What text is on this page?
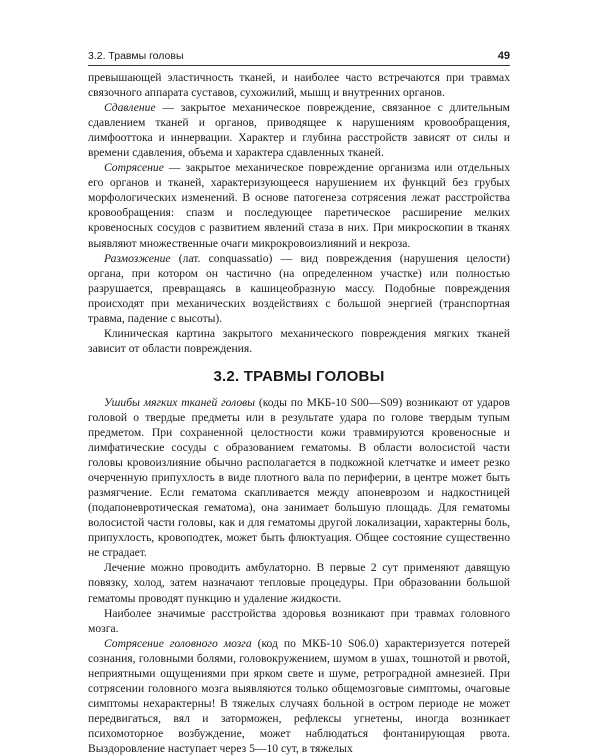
3.2. Травмы головы	49

превышающей эластичность тканей, и наиболее часто встречаются при травмах связочного аппарата суставов, сухожилий, мышц и внутренних органов.

Сдавление — закрытое механическое повреждение, связанное с длительным сдавлением тканей и органов, приводящее к нарушениям кровообращения, лимфооттока и иннервации. Характер и глубина расстройств зависят от силы и времени сдавления, объема и характера сдавленных тканей.

Сотрясение — закрытое механическое повреждение организма или отдельных его органов и тканей, характеризующееся нарушением их функций без грубых морфологических изменений. В основе патогенеза сотрясения лежат расстройства кровообращения: спазм и последующее паретическое расширение мелких кровеносных сосудов с развитием явлений стаза в них. При микроскопии в тканях выявляют множественные очаги микрокровоизлияний и некроза.

Размозжение (лат. conquassatio) — вид повреждения (нарушения целости) органа, при котором он частично (на определенном участке) или полностью разрушается, превращаясь в кашицеобразную массу. Подобные повреждения происходят при механических воздействиях с большой энергией (транспортная травма, падение с высоты).

Клиническая картина закрытого механического повреждения мягких тканей зависит от области повреждения.

3.2. ТРАВМЫ ГОЛОВЫ

Ушибы мягких тканей головы (коды по МКБ-10 S00—S09) возникают от ударов головой о твердые предметы или в результате удара по голове твердым тупым предметом. При сохраненной целостности кожи травмируются кровеносные и лимфатические сосуды с образованием гематомы. В области волосистой части головы кровоизлияние обычно располагается в подкожной клетчатке и имеет резко очерченную припухлость в виде плотного вала по периферии, в центре может быть размягчение. Если гематома скапливается между апоневрозом и надкостницей (подапоневротическая гематома), она занимает большую площадь. Для гематомы волосистой части головы, как и для гематомы другой локализации, характерны боль, припухлость, кровоподтек, может быть флюктуация. Общее состояние существенно не страдает.

Лечение можно проводить амбулаторно. В первые 2 сут применяют давящую повязку, холод, затем назначают тепловые процедуры. При образовании большой гематомы проводят пункцию и удаление жидкости.

Наиболее значимые расстройства здоровья возникают при травмах головного мозга.

Сотрясение головного мозга (код по МКБ-10 S06.0) характеризуется потерей сознания, головными болями, головокружением, шумом в ушах, тошнотой и рвотой, неприятными ощущениями при ярком свете и шуме, ретроградной амнезией. При сотрясении головного мозга выявляются только общемозговые симптомы, очаговые симптомы нехарактерны! В тяжелых случаях больной в остром периоде не может передвигаться, вял и заторможен, рефлексы угнетены, иногда возникает психомоторное возбуждение, может наблюдаться фонтанирующая рвота. Выздоровление наступает через 5—10 сут, в тяжелых
